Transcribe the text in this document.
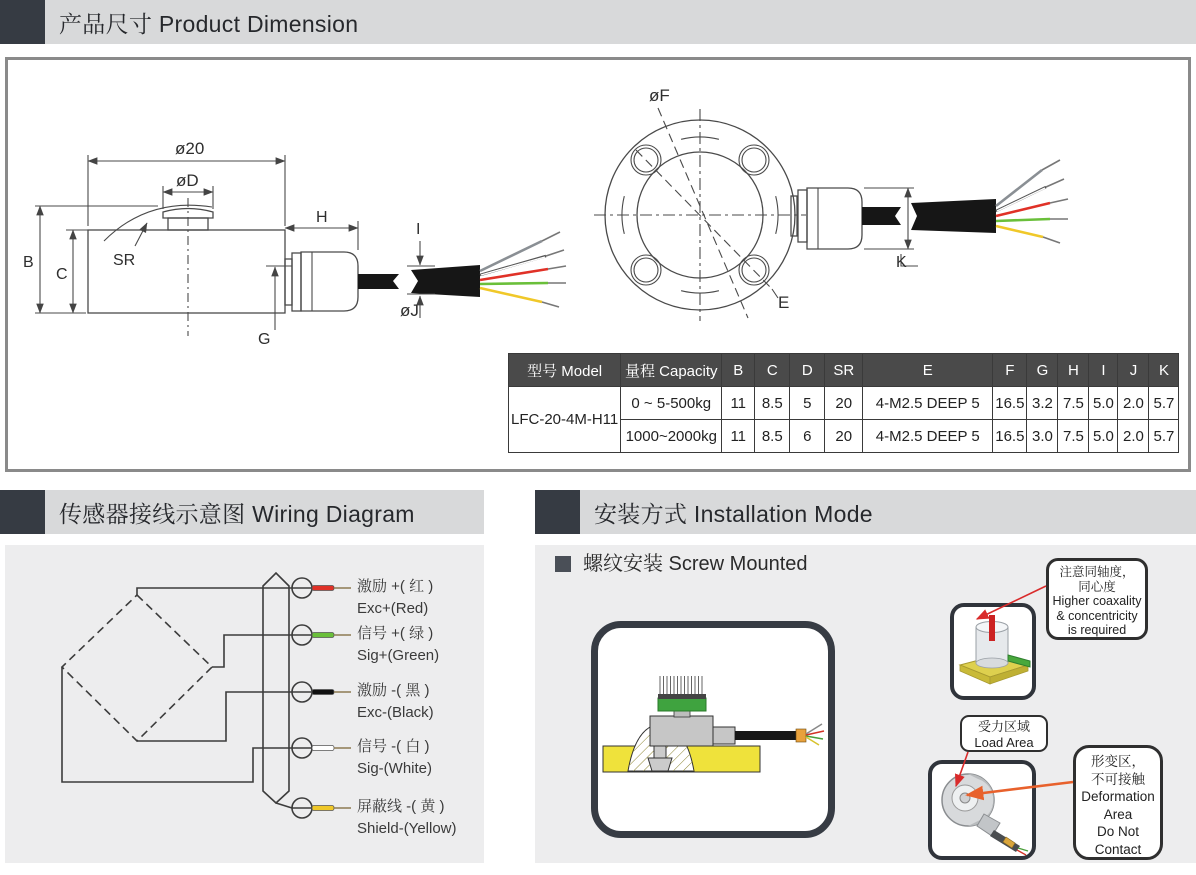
产品尺寸 Product Dimension
SR
ø20
øD
B
C
G
H
I
øJ
øF
E
K
型号 Model	量程 Capacity	B	C	D	SR	E	F	G	H	I	J	K
LFC-20-4M-H11	0 ~ 5-500kg	11	8.5	5	20	4-M2.5 DEEP 5	16.5	3.2	7.5	5.0	2.0	5.7
	1000~2000kg	11	8.5	6	20	4-M2.5 DEEP 5	16.5	3.0	7.5	5.0	2.0	5.7
传感器接线示意图 Wiring Diagram
激励 +( 红 )
Exc+(Red)
信号 +( 绿 )
Sig+(Green)
激励 -( 黑 )
Exc-(Black)
信号 -( 白 )
Sig-(White)
屏蔽线 -( 黄 )
Shield-(Yellow)
安装方式 Installation Mode
螺纹安装 Screw Mounted	注意同轴度，
同心度
Higher coaxality
& concentricity
is required
受力区域
Load Area
形变区，
不可接触
Deformation
Area
Do Not
Contact
